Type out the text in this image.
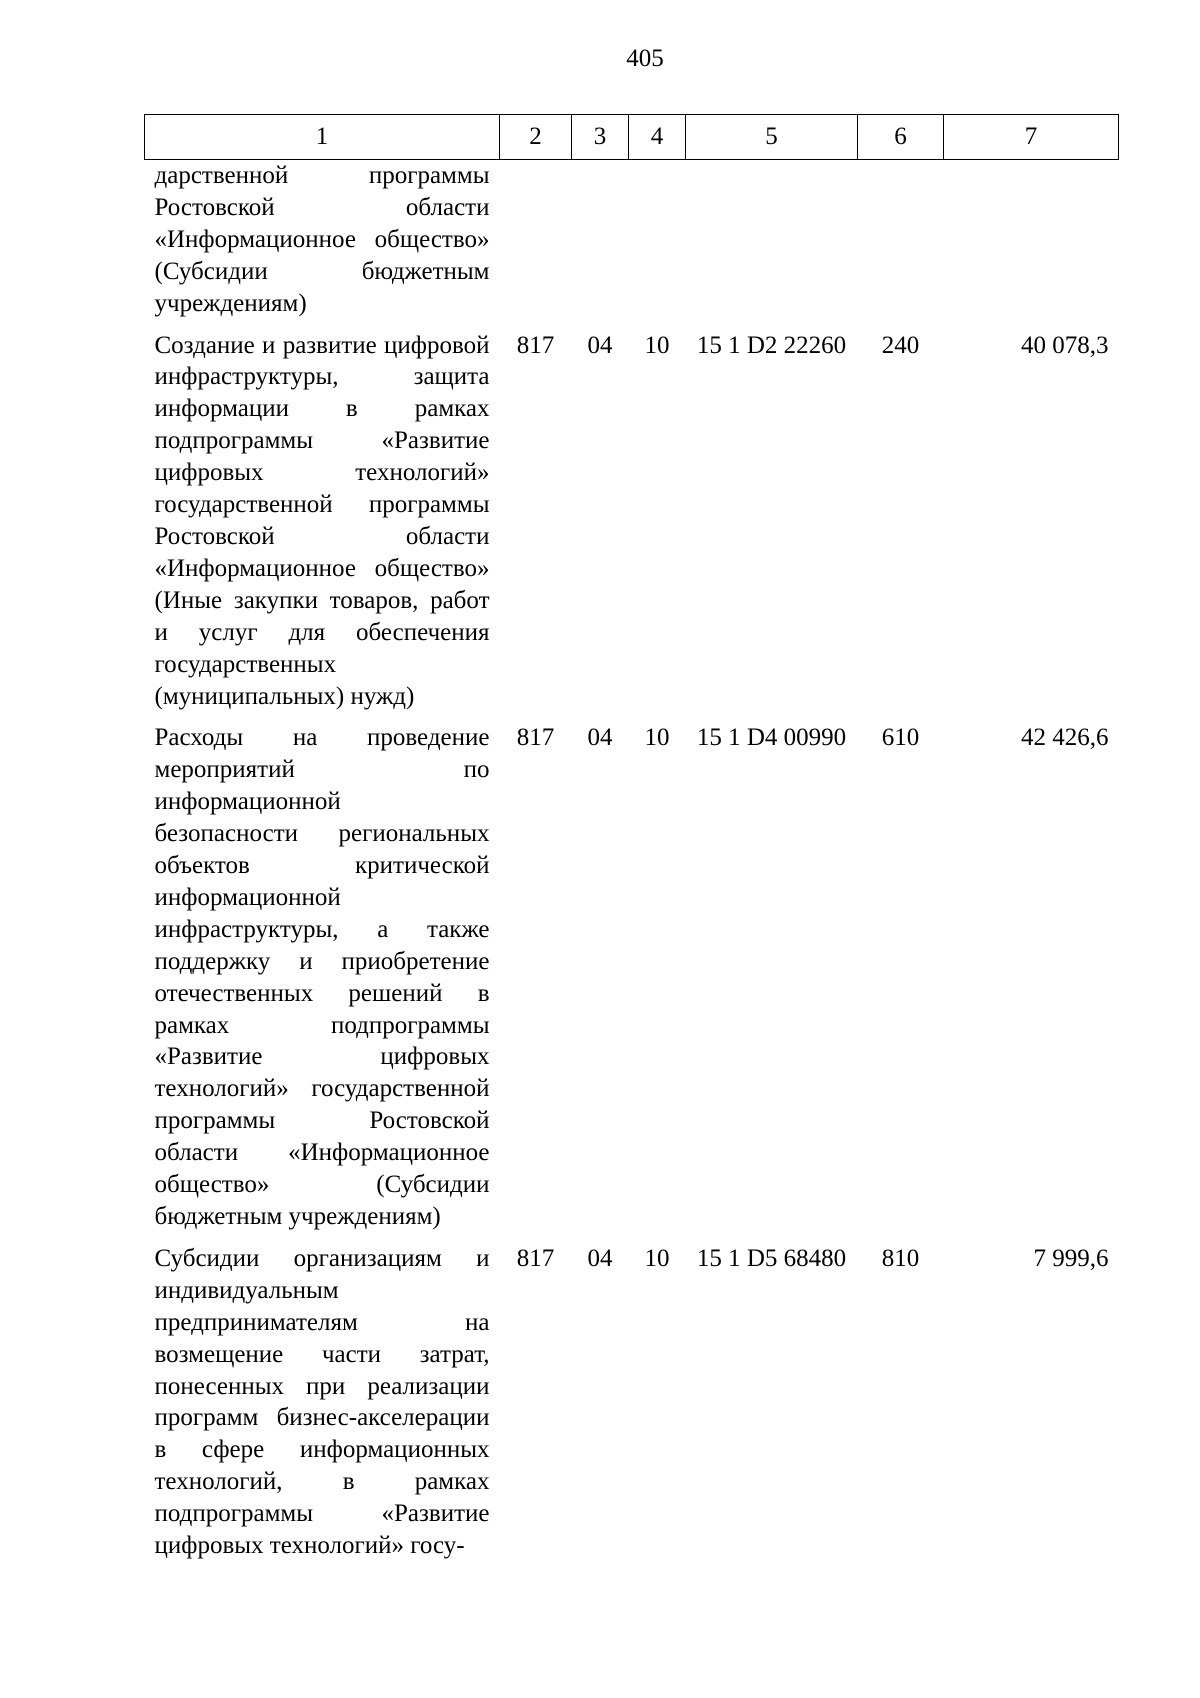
405
1	2	3	4	5	6	7
дарственной программы Ростовской области «Информационное общество» (Субсидии бюджетным учреждениям)						
Создание и развитие цифровой инфраструктуры, защита информации в рамках подпрограммы «Развитие цифровых технологий» государственной программы Ростовской области «Информационное общество» (Иные закупки товаров, работ и услуг для обеспечения государственных (муниципальных) нужд)	817	04	10	15 1 D2 22260	240	40 078,3
Расходы на проведение мероприятий по информационной безопасности региональных объектов критической информационной инфраструктуры, а также поддержку и приобретение отечественных решений в рамках подпрограммы «Развитие цифровых технологий» государственной программы Ростовской области «Информационное общество» (Субсидии бюджетным учреждениям)	817	04	10	15 1 D4 00990	610	42 426,6
Субсидии организациям и индивидуальным предпринимателям на возмещение части затрат, понесенных при реализации программ бизнес-акселерации в сфере информационных технологий, в рамках подпрограммы «Развитие цифровых технологий» госу-	817	04	10	15 1 D5 68480	810	7 999,6
